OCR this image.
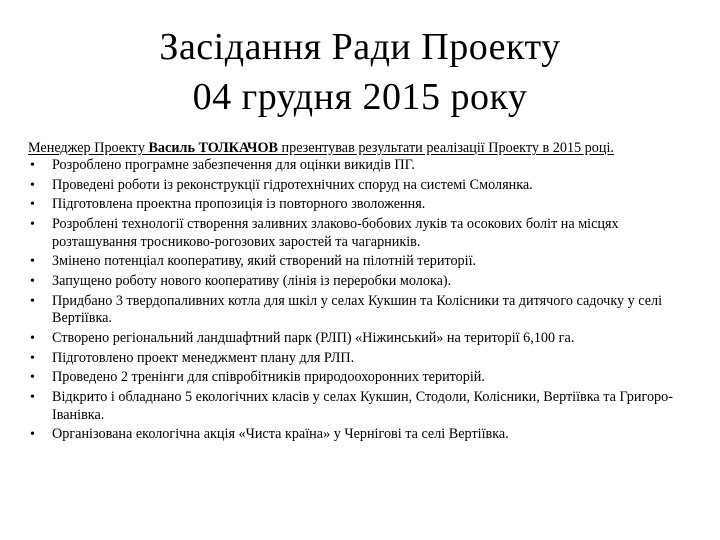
Засідання Ради Проекту
04 грудня 2015 року
Менеджер Проекту Василь ТОЛКАЧОВ презентував результати реалізації Проекту в 2015 році.
• Розроблено програмне забезпечення для оцінки викидів ПГ.
• Проведені роботи із реконструкції гідротехнічних споруд на системі Смолянка.
• Підготовлена проектна пропозиція із повторного зволоження.
• Розроблені технології створення заливних злаково-бобових луків та осокових боліт на місцях розташування тросниково-рогозових заростей та чагарників.
• Змінено потенціал кооперативу, який створений на пілотній території.
• Запущено роботу нового кооперативу (лінія із переробки молока).
• Придбано 3 твердопаливних котла для шкіл у селах Кукшин та Колісники та дитячого садочку у селі Вертіївка.
• Створено регіональний ландшафтний парк (РЛП) «Ніжинський» на території 6,100 га.
• Підготовлено проект менеджмент плану для РЛП.
• Проведено 2 тренінги для співробітників природоохоронних територій.
• Відкрито і обладнано 5 екологічних класів у селах Кукшин, Стодоли, Колісники, Вертіївка та Григоро-Іванівка.
• Організована екологічна акція «Чиста країна» у Чернігові та селі Вертіївка.
